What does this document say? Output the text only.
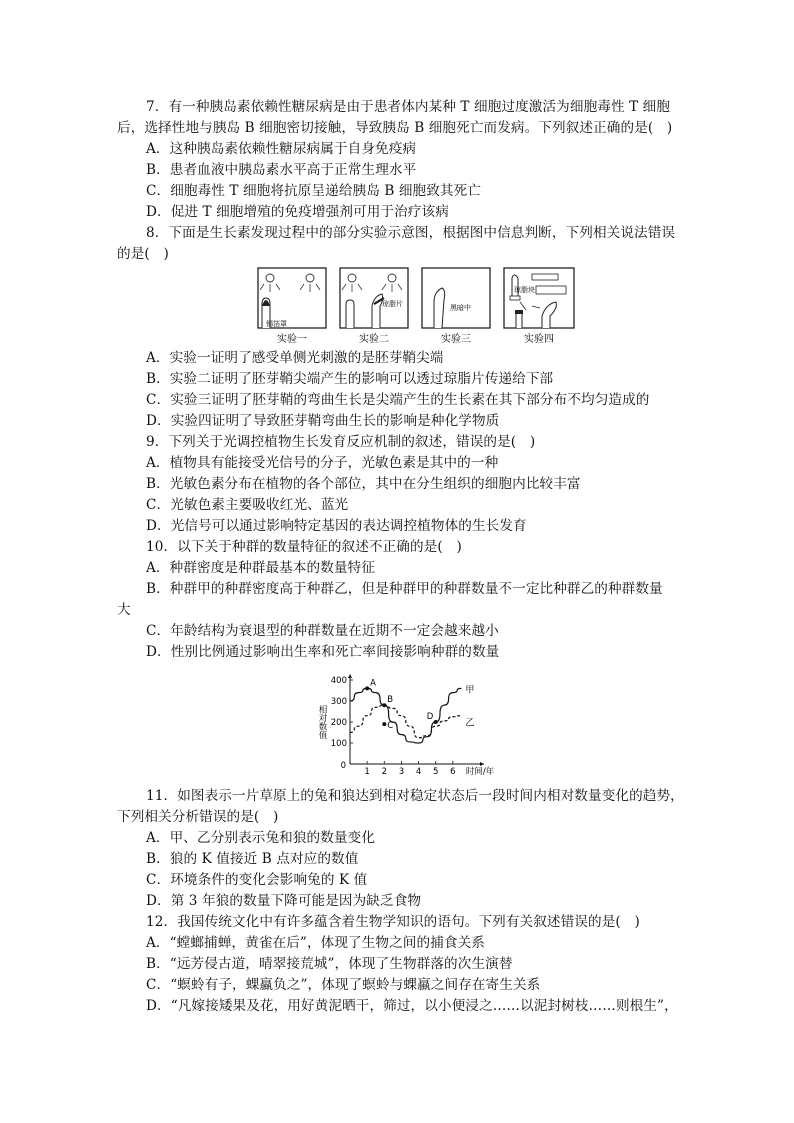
7．有一种胰岛素依赖性糖尿病是由于患者体内某种 T 细胞过度激活为细胞毒性 T 细胞
后，选择性地与胰岛 B 细胞密切接触，导致胰岛 B 细胞死亡而发病。下列叙述正确的是(　)
A．这种胰岛素依赖性糖尿病属于自身免疫病
B．患者血液中胰岛素水平高于正常生理水平
C．细胞毒性 T 细胞将抗原呈递给胰岛 B 细胞致其死亡
D．促进 T 细胞增殖的免疫增强剂可用于治疗该病
8．下面是生长素发现过程中的部分实验示意图，根据图中信息判断，下列相关说法错误
的是(　)
锡箔罩
琼脂片	黑暗中
琼脂块
实验一	实验二	实验三	实验四
A．实验一证明了感受单侧光刺激的是胚芽鞘尖端
B．实验二证明了胚芽鞘尖端产生的影响可以透过琼脂片传递给下部
C．实验三证明了胚芽鞘的弯曲生长是尖端产生的生长素在其下部分布不均匀造成的
D．实验四证明了导致胚芽鞘弯曲生长的影响是种化学物质
9．下列关于光调控植物生长发育反应机制的叙述，错误的是(　)
A．植物具有能接受光信号的分子，光敏色素是其中的一种
B．光敏色素分布在植物的各个部位，其中在分生组织的细胞内比较丰富
C．光敏色素主要吸收红光、蓝光
D．光信号可以通过影响特定基因的表达调控植物体的生长发育
10．以下关于种群的数量特征的叙述不正确的是(　)
A．种群密度是种群最基本的数量特征
B．种群甲的种群密度高于种群乙，但是种群甲的种群数量不一定比种群乙的种群数量
大
C．年龄结构为衰退型的种群数量在近期不一定会越来越小
D．性别比例通过影响出生率和死亡率间接影响种群的数量
100
200
300
400
0
1 2 3 4 5 6 时间/年
相对数值
甲
乙
A
B
C
D
11．如图表示一片草原上的兔和狼达到相对稳定状态后一段时间内相对数量变化的趋势，
下列相关分析错误的是(　)
A．甲、乙分别表示兔和狼的数量变化
B．狼的 K 值接近 B 点对应的数值
C．环境条件的变化会影响兔的 K 值
D．第 3 年狼的数量下降可能是因为缺乏食物
12．我国传统文化中有许多蕴含着生物学知识的语句。下列有关叙述错误的是(　)
A．“螳螂捕蝉，黄雀在后”，体现了生物之间的捕食关系
B．“远芳侵古道，晴翠接荒城”，体现了生物群落的次生演替
C．“螟蛉有子，蜾蠃负之”，体现了螟蛉与蜾蠃之间存在寄生关系
D．“凡嫁接矮果及花，用好黄泥晒干，筛过，以小便浸之……以泥封树枝……则根生”，
